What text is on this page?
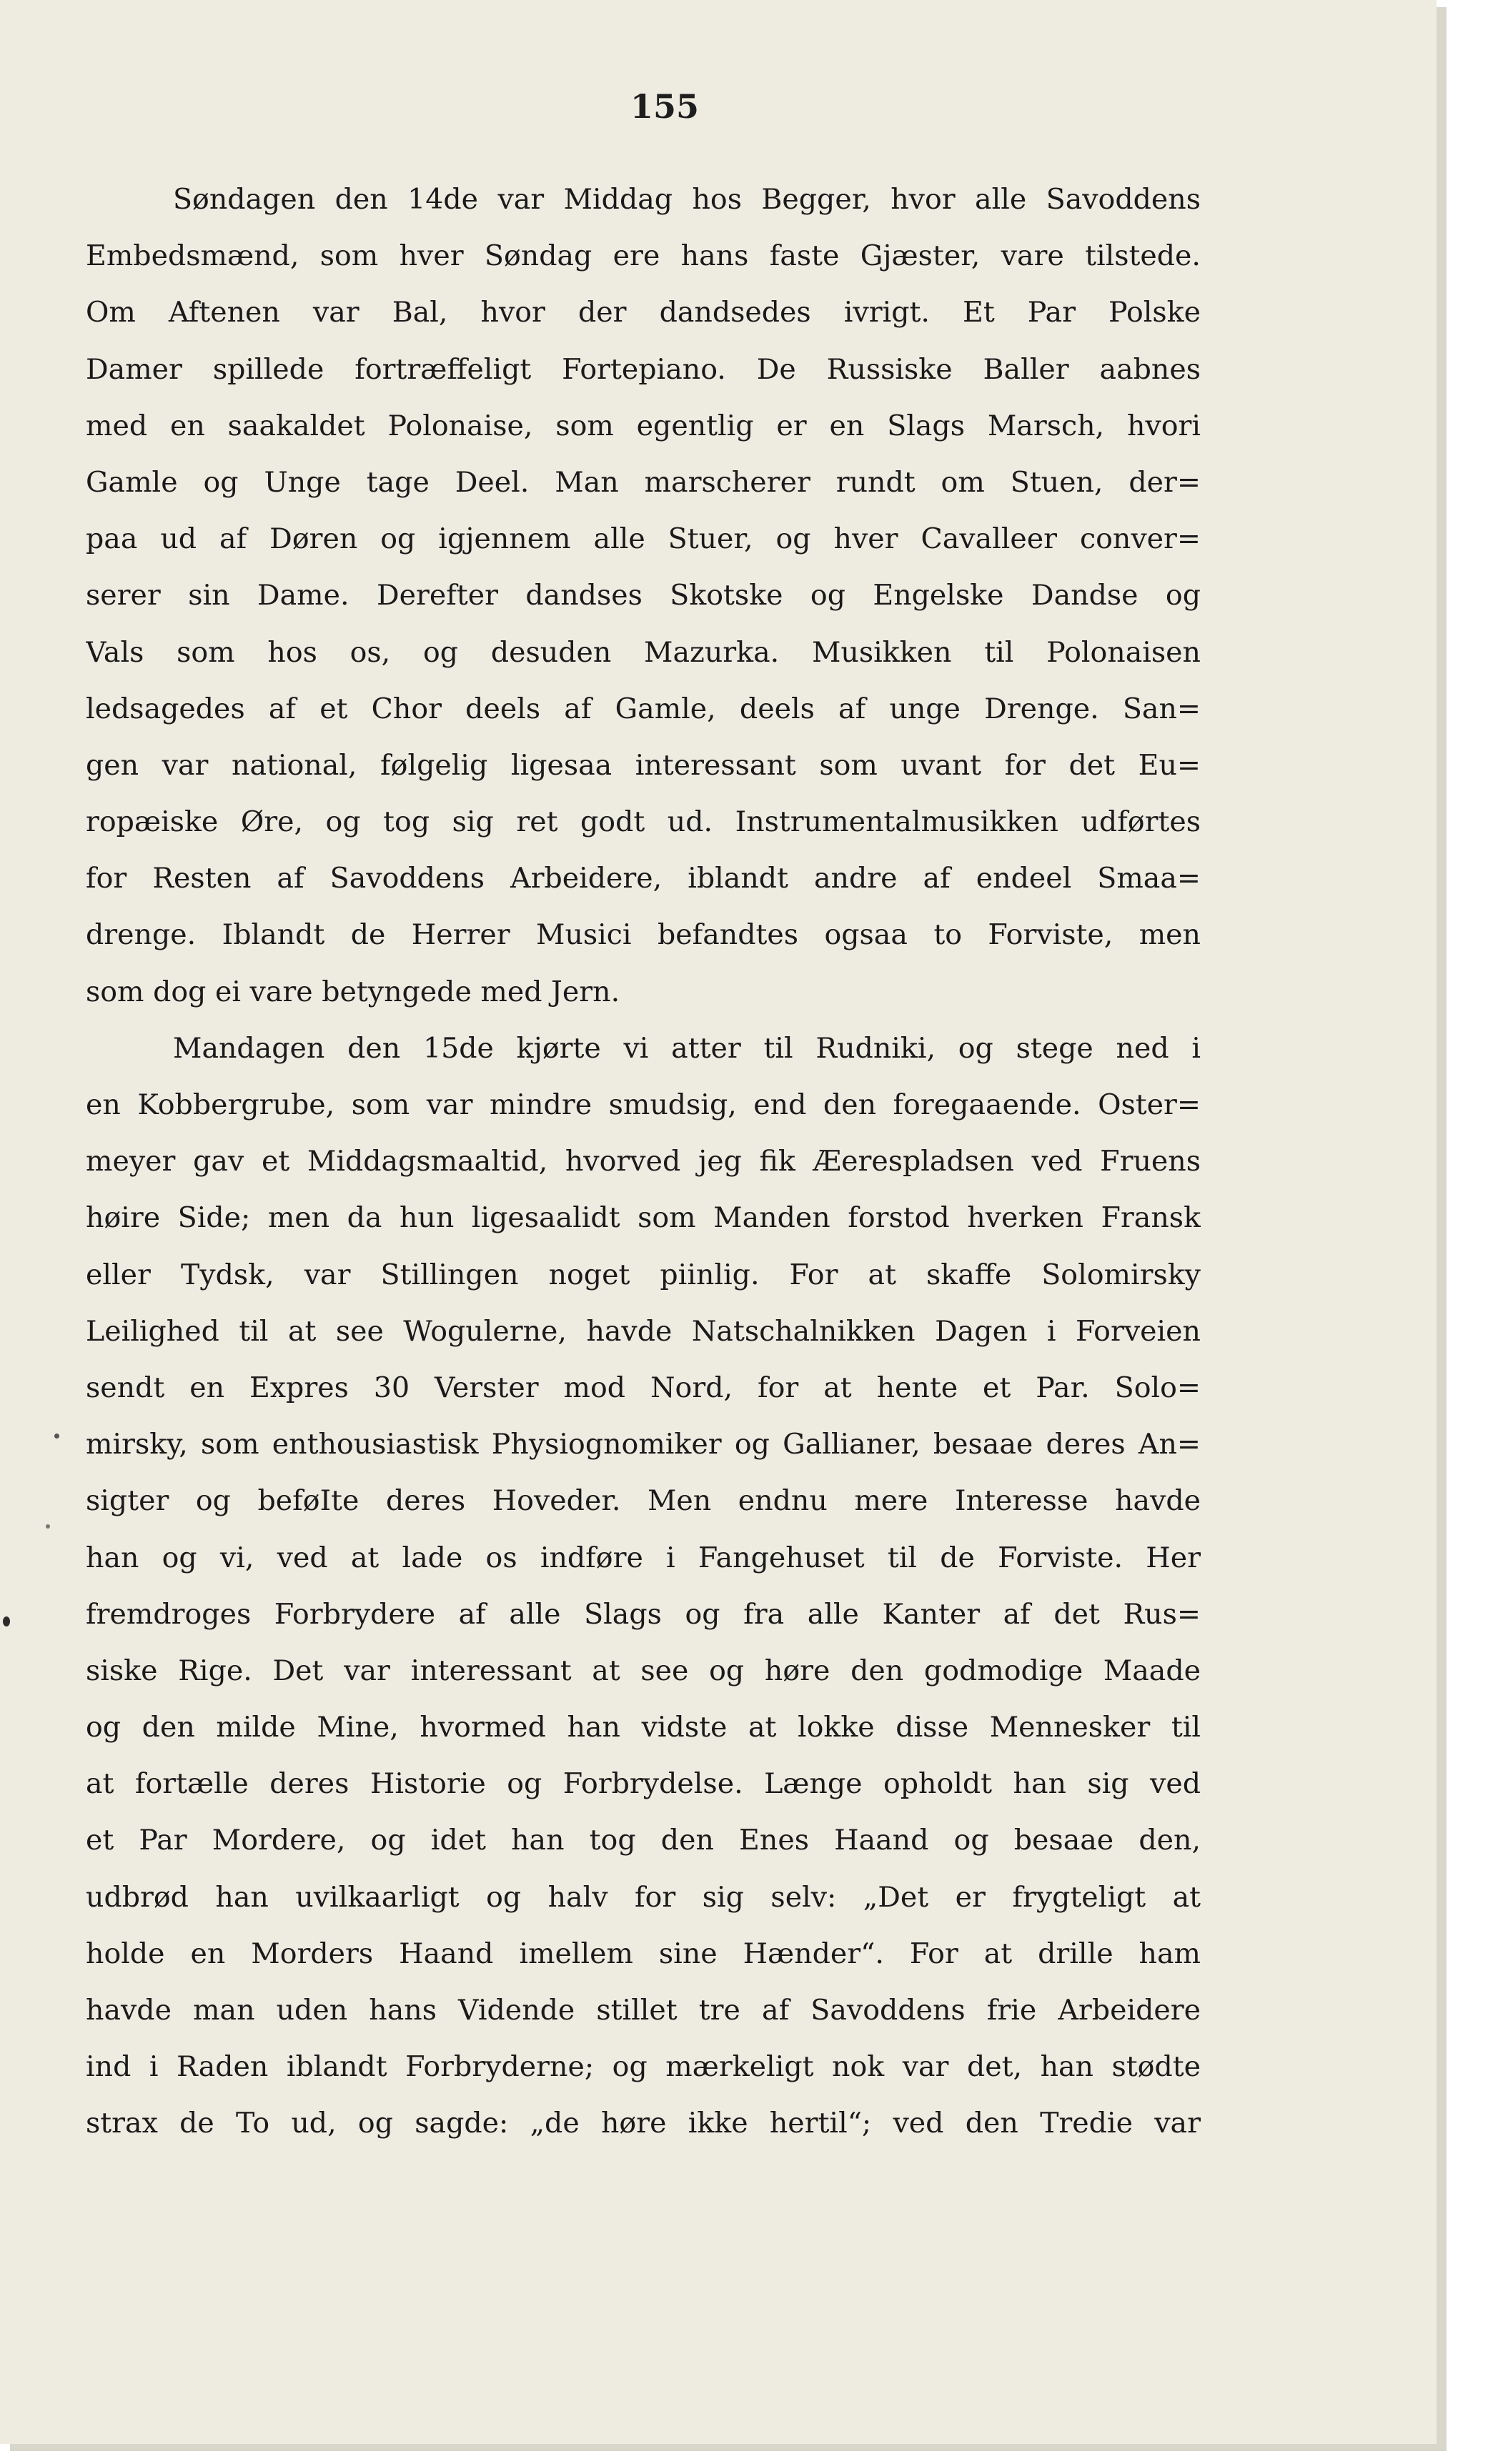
155
Søndagen den 14de var Middag hos Begger, hvor alle Savoddens
Embedsmænd, som hver Søndag ere hans faste Gjæster, vare tilstede.
Om Aftenen var Bal, hvor der dandsedes ivrigt. Et Par Polske
Damer spillede fortræffeligt Fortepiano. De Russiske Baller aabnes
med en saakaldet Polonaise, som egentlig er en Slags Marsch, hvori
Gamle og Unge tage Deel. Man marscherer rundt om Stuen, der=
paa ud af Døren og igjennem alle Stuer, og hver Cavalleer conver=
serer sin Dame. Derefter dandses Skotske og Engelske Dandse og
Vals som hos os, og desuden Mazurka. Musikken til Polonaisen
ledsagedes af et Chor deels af Gamle, deels af unge Drenge. San=
gen var national, følgelig ligesaa interessant som uvant for det Eu=
ropæiske Øre, og tog sig ret godt ud. Instrumentalmusikken udførtes
for Resten af Savoddens Arbeidere, iblandt andre af endeel Smaa=
drenge. Iblandt de Herrer Musici befandtes ogsaa to Forviste, men
som dog ei vare betyngede med Jern.
Mandagen den 15de kjørte vi atter til Rudniki, og stege ned i
en Kobbergrube, som var mindre smudsig, end den foregaaende. Oster=
meyer gav et Middagsmaaltid, hvorved jeg fik Æerespladsen ved Fruens
høire Side; men da hun ligesaalidt som Manden forstod hverken Fransk
eller Tydsk, var Stillingen noget piinlig. For at skaffe Solomirsky
Leilighed til at see Wogulerne, havde Natschalnikken Dagen i Forveien
sendt en Expres 30 Verster mod Nord, for at hente et Par. Solo=
mirsky, som enthousiastisk Physiognomiker og Gallianer, besaae deres An=
sigter og beføIte deres Hoveder. Men endnu mere Interesse havde
han og vi, ved at lade os indføre i Fangehuset til de Forviste. Her
fremdroges Forbrydere af alle Slags og fra alle Kanter af det Rus=
siske Rige. Det var interessant at see og høre den godmodige Maade
og den milde Mine, hvormed han vidste at lokke disse Mennesker til
at fortælle deres Historie og Forbrydelse. Længe opholdt han sig ved
et Par Mordere, og idet han tog den Enes Haand og besaae den,
udbrød han uvilkaarligt og halv for sig selv: „Det er frygteligt at
holde en Morders Haand imellem sine Hænder“. For at drille ham
havde man uden hans Vidende stillet tre af Savoddens frie Arbeidere
ind i Raden iblandt Forbryderne; og mærkeligt nok var det, han stødte
strax de To ud, og sagde: „de høre ikke hertil“; ved den Tredie var
